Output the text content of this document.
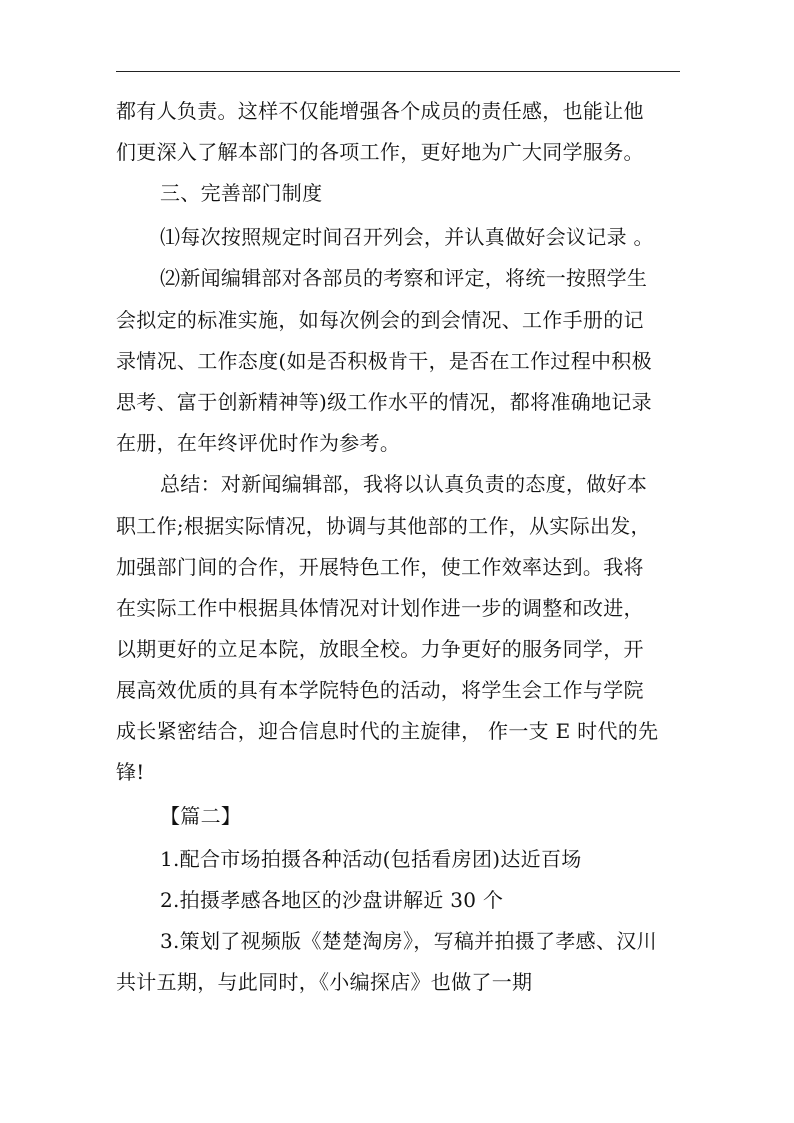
都有人负责。这样不仅能增强各个成员的责任感，也能让他
们更深入了解本部门的各项工作，更好地为广大同学服务。
三、完善部门制度
⑴每次按照规定时间召开列会，并认真做好会议记录 。
⑵新闻编辑部对各部员的考察和评定，将统一按照学生
会拟定的标准实施，如每次例会的到会情况、工作手册的记
录情况、工作态度(如是否积极肯干，是否在工作过程中积极
思考、富于创新精神等)级工作水平的情况，都将准确地记录
在册，在年终评优时作为参考。
总结：对新闻编辑部，我将以认真负责的态度，做好本
职工作;根据实际情况，协调与其他部的工作，从实际出发，
加强部门间的合作，开展特色工作，使工作效率达到。我将
在实际工作中根据具体情况对计划作进一步的调整和改进，
以期更好的立足本院，放眼全校。力争更好的服务同学，开
展高效优质的具有本学院特色的活动，将学生会工作与学院
成长紧密结合，迎合信息时代的主旋律， 作一支 E 时代的先
锋!
【篇二】
1.配合市场拍摄各种活动(包括看房团)达近百场
2.拍摄孝感各地区的沙盘讲解近 30 个
3.策划了视频版《楚楚淘房》，写稿并拍摄了孝感、汉川
共计五期，与此同时，《小编探店》也做了一期
